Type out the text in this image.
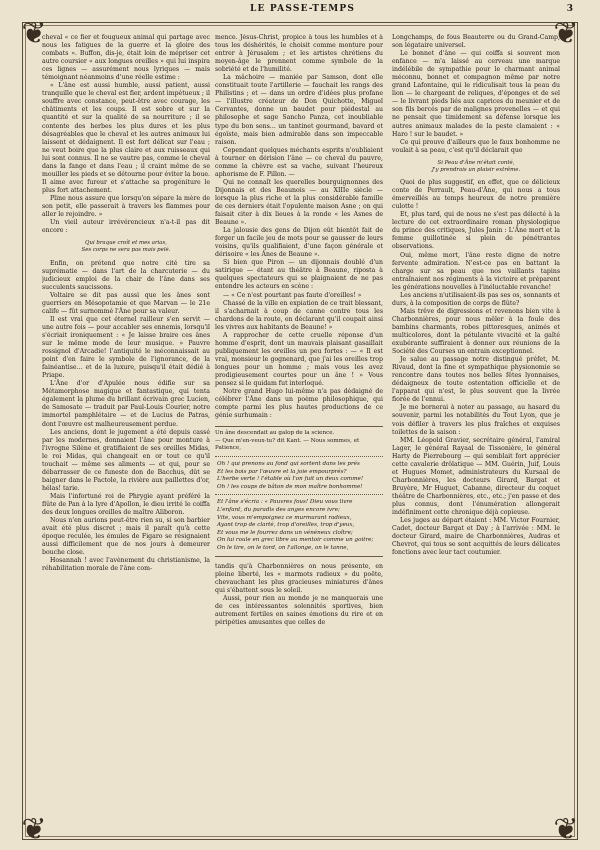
LE PASSE-TEMPS	3
❦	❦
❦	❦

cheval « ce fier et fougueux animal qui partage avec nous les fatigues de la guerre et la gloire des combats ». Buffon, dis-je, était loin de mépriser cet autre coursier « aux longues oreilles » qui lui inspira ces lignes — assurément nous lyriques — mais témoignant néanmoins d'une réelle estime :

« L'âne est aussi humble, aussi patient, aussi tranquille que le cheval est fier, ardent impétueux ; il souffre avec constance, peut-être avec courage, les châtiments et les coups. Il est sobre et sur la quantité et sur la qualité de sa nourriture ; il se contente des herbes les plus dures et les plus désagréables que le cheval et les autres animaux lui laissent et dédaignent. Il est fort délicat sur l'eau ; ne veut boire que la plus claire et aux ruisseaux qui lui sont connus. Il ne se vautre pas, comme le cheval dans la fange et dans l'eau ; il craint même de se mouiller les pieds et se détourne pour éviter la boue. Il aime avec fureur et s'attache sa progéniture le plus fort attachement.

Pline nous assure que lorsqu'on sépare la mère de son petit, elle passerait à travers les flammes pour aller le rejoindre. »

Un vieil auteur irrévérencieux n'a-t-il pas dit encore :

Qui braque croît et mes arias,
Ses corps ne sera pas mais pelé.

Enfin, on prétend que notre cité tire sa suprématie — dans l'art de la charcuterie — du judicieux emploi de la chair de l'âne dans ses succulents saucissons.

Voltaire se dit pas aussi que les ânes sont guerriers en Mésopotamie et que Marvan — le 21e calife — fût surnommé l'Âne pour sa valeur.

Il est vrai que cet éternel railleur s'en servit — une autre fois — pour accabler ses ennemis, lorsqu'il s'écriait ironiquement : « Je laisse braire ces ânes sur le même mode de leur musique. » Pauvre rossignol d'Arcadie! l'antiquité le méconnaissait au point d'en faire le symbole de l'ignorance, de la fainéantise... et de la luxure, puisqu'il était dédié à Priape.

L'Âne d'or d'Apulée nous édifie sur sa Métamorphose magique et fantastique, qui tenta également la plume du brillant écrivain grec Lucien, de Samosate — traduit par Paul-Louis Courier, notre immortel pamphlétaire — et de Lucius de Patras, dont l'œuvre est malheureusement perdue.

Les anciens, dont le jugement a été depuis cassé par les modernes, donnaient l'âne pour monture à l'ivrogne Silène et gratifiaient de ses oreilles Midas, le roi Midas, qui changeait en or tout ce qu'il touchait — même ses aliments — et qui, pour se débarrasser de ce funeste don de Bacchus, dût se baigner dans le Pactole, la rivière aux paillettes d'or, hélas! tarie.

Mais l'infortuné roi de Phrygie ayant préféré la flûte de Pan à la lyre d'Apollon, le dieu irrité le coiffa des deux longues oreilles de maître Aliboron.

Nous n'en aurions peut-être rien su, si son barbier avait été plus discret ; mais il paraît qu'à cette époque reculée, les émules de Figaro se résignaient aussi difficilement que de nos jours à demeurer bouche close.

Hosannah ! avec l'avènement du christianisme, la réhabilitation morale de l'âne com-

mence. Jésus-Christ, propice à tous les humbles et à tous les déshérités, le choisit comme monture pour entrer à Jérusalem ; et les artistes chrétiens du moyen-âge le prennent comme symbole de la sobriété et de l'humilité.

La mâchoire — maniée par Samson, dont elle constituait toute l'artillerie — fauchait les rangs des Philistins ; et — dans un ordre d'idées plus profane — l'illustre créateur de Don Quichotte, Miguel Cervantes, donne un baudet pour piédestal au philosophe et sage Sancho Panza, cet inoubliable type du bon sens... un tantinet gourmand, bavard et égoïste, mais bien admirable dans son impeccable raison.

Cependant quelques méchants esprits n'oubliaient à tourner en dérision l'âne — ce cheval du pauvre, comme la chèvre est sa vache, suivant l'heureux aphorisme de F. Pillon. —

Qui ne connaît les querelles bourguignonnes des Dijonnais et des Beaunois — au XIIIe siècle — lorsque la plus riche et la plus considérable famille de ces derniers était l'opulente maison Asne ; on qui faisait citer à dix lieues à la ronde « les Asnes de Beaune ».

La jalousie des gens de Dijon eût bientôt fait de forger un facile jeu de mots pour se gausser de leurs voisins, qu'ils qualifiaient, d'une façon générale et dérisoire « les Ânes de Beaune ».

Si bien que Piron — un dijonnais doublé d'un satirique — étant au théâtre à Beaune, riposta à quelques spectateurs qui se plaignaient de ne pas entendre les acteurs en scène :

— « Ce n'est pourtant pas faute d'oreilles! »

Chassé de la ville en expiation de ce trait blessant, il s'acharnait à coup de canne contre tous les chardons de la route, en déclarant qu'il coupait ainsi les vivres aux habitants de Beaune! »

A rapprocher de cette cruelle réponse d'un homme d'esprit, dont un mauvais plaisant gasaillait publiquement les oreilles un peu fortes : — « Il est vrai, monsieur le gognenard, que j'ai les oreilles trop longues pour un homme ; mais vous les avez prodigieusement courtes pour un âne ! » Vous pensez si le quidam fut interloqué.

Notre grand Hugo lui-même n'a pas dédaigné de célébrer l'Âne dans un poème philosophique, qui compte parmi les plus hautes productions de ce génie surhumain :

Un âne descendait au galop de la science.
— Que m'en-veux-tu? dit Kant. — Nous sommes, et Patience,
Oh ! qui prenons au fond qui sortent dans les prés
Et les bois par l'œuvre et la joie empourprés?
L'herbe verte ! l'étable où l'on fuit un deux comme!
Oh ! les coups de bâton de mon maître bonhomme!
Et l'âne s'écria : « Pauvres fous! Dieu vous livre
L'enfant, du paradis des anges encore ivre;
Vite, vous m'empoignez ce murmurant radieux,
Ayant trop de clarté, trop d'oreilles, trop d'yeux,
Et vous me le fourrez dans un vénéneux cloître;
On lui roule en grec libre au mentoir comme un goitre;
On le tire, on le tord, on l'allonge, on le tanne,

tandis qu'à Charbonnières on nous présente, en pleine liberté, les « marmots radieux » du poëte, chevauchant les plus gracieuses miniatures d'ânes qui s'ébattent sous le soleil.

Aussi, pour rien au monde je ne manquerais une de ces intéressantes solennités sportives, bien autrement fertiles en saines émotions du rire et en péripéties amusantes que celles de

Longchamps, de fous Beauterre ou du Grand-Camp, son légataire universel.

Le bonnet d'âne — qui coiffa si souvent mon enfance — m'a laissé au cerveau une marque indélébile de sympathie pour le charmant animal méconnu, bonnet et compagnon même par notre grand Lafontaine, qui le ridiculisait tous la peau du lion — le chargeant de reliques, d'éponges et de sel — le livrant pieds liés aux caprices du meunier et de son fils bercés par de malignes provenelles — et qui ne pensait que timidement sa défense lorsque les autres animaux malades de la peste clamaient : « Haro ! sur le baudet. »

Ce qui prouve d'ailleurs que le faux bonhomme ne voulait à sa peau, c'est qu'il déclarait que

Si Peau d'Âne m'était conté,
J'y prendrais un plaisir extrême.

Quoi de plus suggestif, en effet, que ce délicieux conte de Perrault, Peau-d'Âne, qui nous a tous émerveillés au temps heureux de notre première culotte !

Et, plus tard, qui de nous ne s'est pas délecté à la lecture de cet extraordinaire roman physiologique du prince des critiques, Jules Janin : L'Âne mort et la femme guillotinée si plein de pénétrantes observations.

Oui, même mort, l'âne reste digne de notre fervente admiration. N'est-ce pas en battant la charge sur sa peau que nos vaillants tapins entraînaient nos régiments à la victoire et préparent les générations nouvelles à l'inéluctable revanche!

Les anciens n'utilisaient-ils pas ses os, sonnants et durs, à la composition de corps de flûte?

Mais trêve de digressions et revenons bien vite à Charbonnières, pour nous mêler à la foule des bambins charmants, robes pittoresques, animés et multicolores, dont la pétulante vivacité et la gaîté exubérante suffiraient à donner aux réunions de la Société des Courses un entrain exceptionnel.

Je salue au passage notre distingué préfet, M. Rivaud, dont la fine et sympathique physionomie se rencontre dans toutes nos belles fêtes lyonnaises, dédaigneux de toute ostentation officielle et de l'apparat qui n'est, le plus souvent que la livrée fiorée de l'ennui.

Je me bornerai à noter au passage, au hasard du souvenir, parmi les notabilités du Tout Lyon, que je vois défiler à travers les plus fraîches et exquises toilettes de la saison :

MM. Léopold Gravier, secrétaire général, l'amiral Lager, le général Rayaal de Tissonière, le général Harty de Pierrebourg — qui semblait fort apprécier cette cavalerie drôlatique — MM. Guérin, Juif, Louis et Hugues Momet, administrateurs du Kursaal de Charbonnières, les docteurs Girard, Bargat et Bruyère, Mr Huguet, Cabanne, directeur du coquet théâtre de Charbonnières, etc., etc.; j'en passe et des plus connus, dont l'énumération allongerait indéfiniment cette chronique déjà copieuse.

Les juges au départ étaient : MM. Victor Fournier, Cadet, docteur Bargat et Day ; à l'arrivée : MM. le docteur Girard, maire de Charbonnières, Audras et Chevrot, qui tous se sont acquittés de leurs délicates fonctions avec leur tact coutumier.
